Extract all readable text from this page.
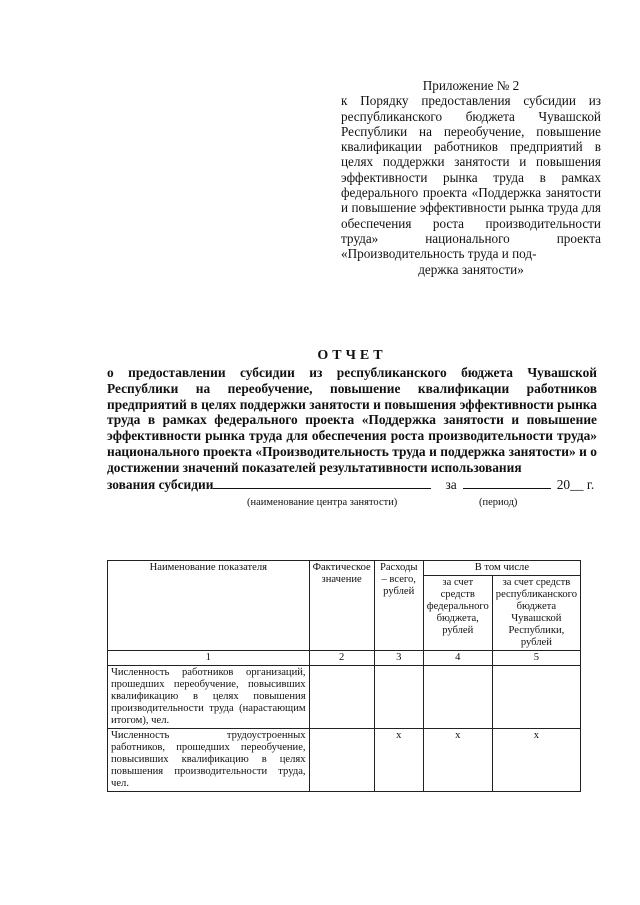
Приложение № 2
к Порядку предоставления субсидии из республиканского бюджета Чувашской Республики на переобучение, повышение квалификации работников предприятий в целях поддержки занятости и повышения эффективности рынка труда в рамках федерального проекта «Поддержка занятости и повышение эффективности рынка труда для обеспечения роста производительности труда» национального проекта «Производительность труда и под-
держка занятости»
ОТЧЕТ
о предоставлении субсидии из республиканского бюджета Чувашской Республики на переобучение, повышение квалификации работников предприятий в целях поддержки занятости и повышения эффективности рынка труда в рамках федерального проекта «Поддержка занятости и повышение эффективности рынка труда для обеспечения роста производительности труда» национального проекта «Производительность труда и поддержка занятости» и о достижении значений показателей результативности использования
зования субсидии	за	20__ г.
(наименование центра занятости)	(период)
Наименование показателя	Фактическое значение	Расходы – всего, рублей	В том числе	
			за счет средств федерального бюджета, рублей	за счет средств республиканского бюджета Чувашской Республики, рублей
1	2	3	4	5
Численность работников организаций, прошедших переобучение, повысивших квалификацию в целях повышения производительности труда (нарастающим итогом), чел.				
Численность трудоустроенных работников, прошедших переобучение, повысивших квалификацию в целях повышения производительности труда, чел.		х	х	х
